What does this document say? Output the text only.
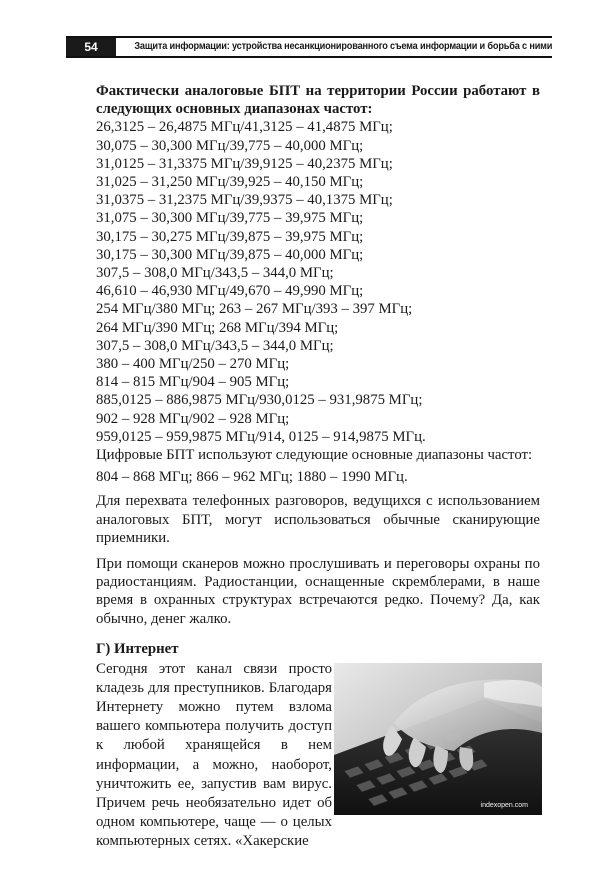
54	Защита информации: устройства несанкционированного съема информации и борьба с ними

Фактически аналоговые БПТ на территории России работают в следующих основных диапазонах частот:

26,3125 – 26,4875 МГц/41,3125 – 41,4875 МГц;
30,075 – 30,300 МГц/39,775 – 40,000 МГц;
31,0125 – 31,3375 МГц/39,9125 – 40,2375 МГц;
31,025 – 31,250 МГц/39,925 – 40,150 МГц;
31,0375 – 31,2375 МГц/39,9375 – 40,1375 МГц;
31,075 – 30,300 МГц/39,775 – 39,975 МГц;
30,175 – 30,275 МГц/39,875 – 39,975 МГц;
30,175 – 30,300 МГц/39,875 – 40,000 МГц;
307,5 – 308,0 МГц/343,5 – 344,0 МГц;
46,610 – 46,930 МГц/49,670 – 49,990 МГц;
254 МГц/380 МГц; 263 – 267 МГц/393 – 397 МГц;
264 МГц/390 МГц; 268 МГц/394 МГц;
307,5 – 308,0 МГц/343,5 – 344,0 МГц;
380 – 400 МГц/250 – 270 МГц;
814 – 815 МГц/904 – 905 МГц;
885,0125 – 886,9875 МГц/930,0125 – 931,9875 МГц;
902 – 928 МГц/902 – 928 МГц;
959,0125 – 959,9875 МГц/914, 0125 – 914,9875 МГц.

Цифровые БПТ используют следующие основные диапазоны частот:

804 – 868 МГц; 866 – 962 МГц; 1880 – 1990 МГц.

Для перехвата телефонных разговоров, ведущихся с использованием аналоговых БПТ, могут использоваться обычные сканирующие приемники.

При помощи сканеров можно прослушивать и переговоры охраны по радиостанциям. Радиостанции, оснащенные скремблерами, в наше время в охранных структурах встречаются редко. Почему? Да, как обычно, денег жалко.

Г) Интернет

Сегодня этот канал связи просто кладезь для преступников. Благодаря Интернету можно путем взлома вашего компьютера получить доступ к любой хранящейся в нем информации, а можно, наоборот, уничтожить ее, запустив вам вирус. Причем речь необязательно идет об одном компьютере, чаще — о целых компьютерных сетях. «Хакерские

indexopen.com
